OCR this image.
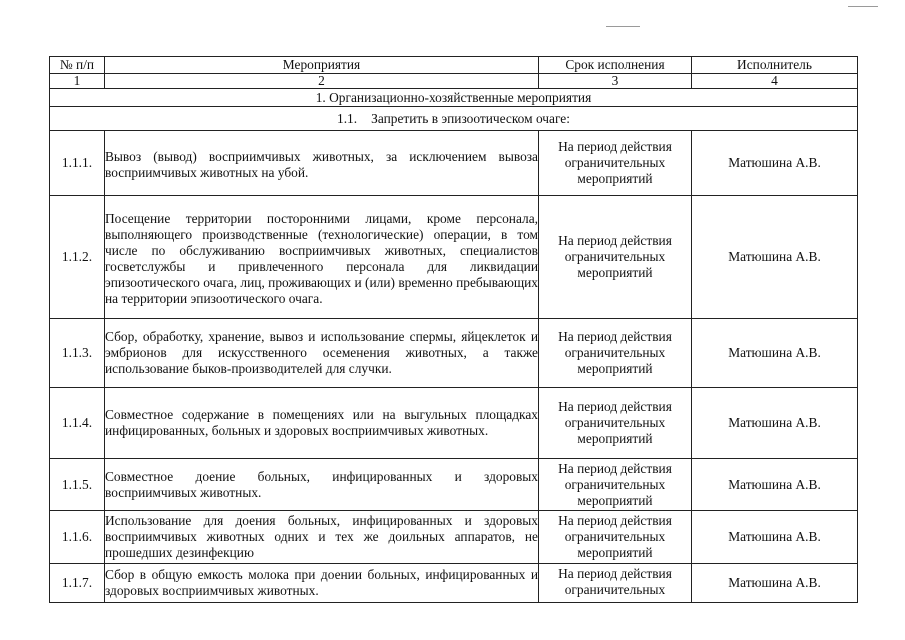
№ п/п	Мероприятия	Срок исполнения	Исполнитель
1	2	3	4
1. Организационно-хозяйственные мероприятия			
1.1. Запретить в эпизоотическом очаге:			
1.1.1.	Вывоз (вывод) восприимчивых животных, за исключением вывоза восприимчивых животных на убой.	На период действия ограничительных мероприятий	Матюшина А.В.
1.1.2.	Посещение территории посторонними лицами, кроме персонала, выполняющего производственные (технологические) операции, в том числе по обслуживанию восприимчивых животных, специалистов госветслужбы и привлеченного персонала для ликвидации эпизоотического очага, лиц, проживающих и (или) временно пребывающих на территории эпизоотического очага.	На период действия ограничительных мероприятий	Матюшина А.В.
1.1.3.	Сбор, обработку, хранение, вывоз и использование спермы, яйцеклеток и эмбрионов для искусственного осеменения животных, а также использование быков-производителей для случки.	На период действия ограничительных мероприятий	Матюшина А.В.
1.1.4.	Совместное содержание в помещениях или на выгульных площадках инфицированных, больных и здоровых восприимчивых животных.	На период действия ограничительных мероприятий	Матюшина А.В.
1.1.5.	Совместное доение больных, инфицированных и здоровых восприимчивых животных.	На период действия ограничительных мероприятий	Матюшина А.В.
1.1.6.	Использование для доения больных, инфицированных и здоровых восприимчивых животных одних и тех же доильных аппаратов, не прошедших дезинфекцию	На период действия ограничительных мероприятий	Матюшина А.В.
1.1.7.	Сбор в общую емкость молока при доении больных, инфицированных и здоровых восприимчивых животных.	На период действия ограничительных	Матюшина А.В.
